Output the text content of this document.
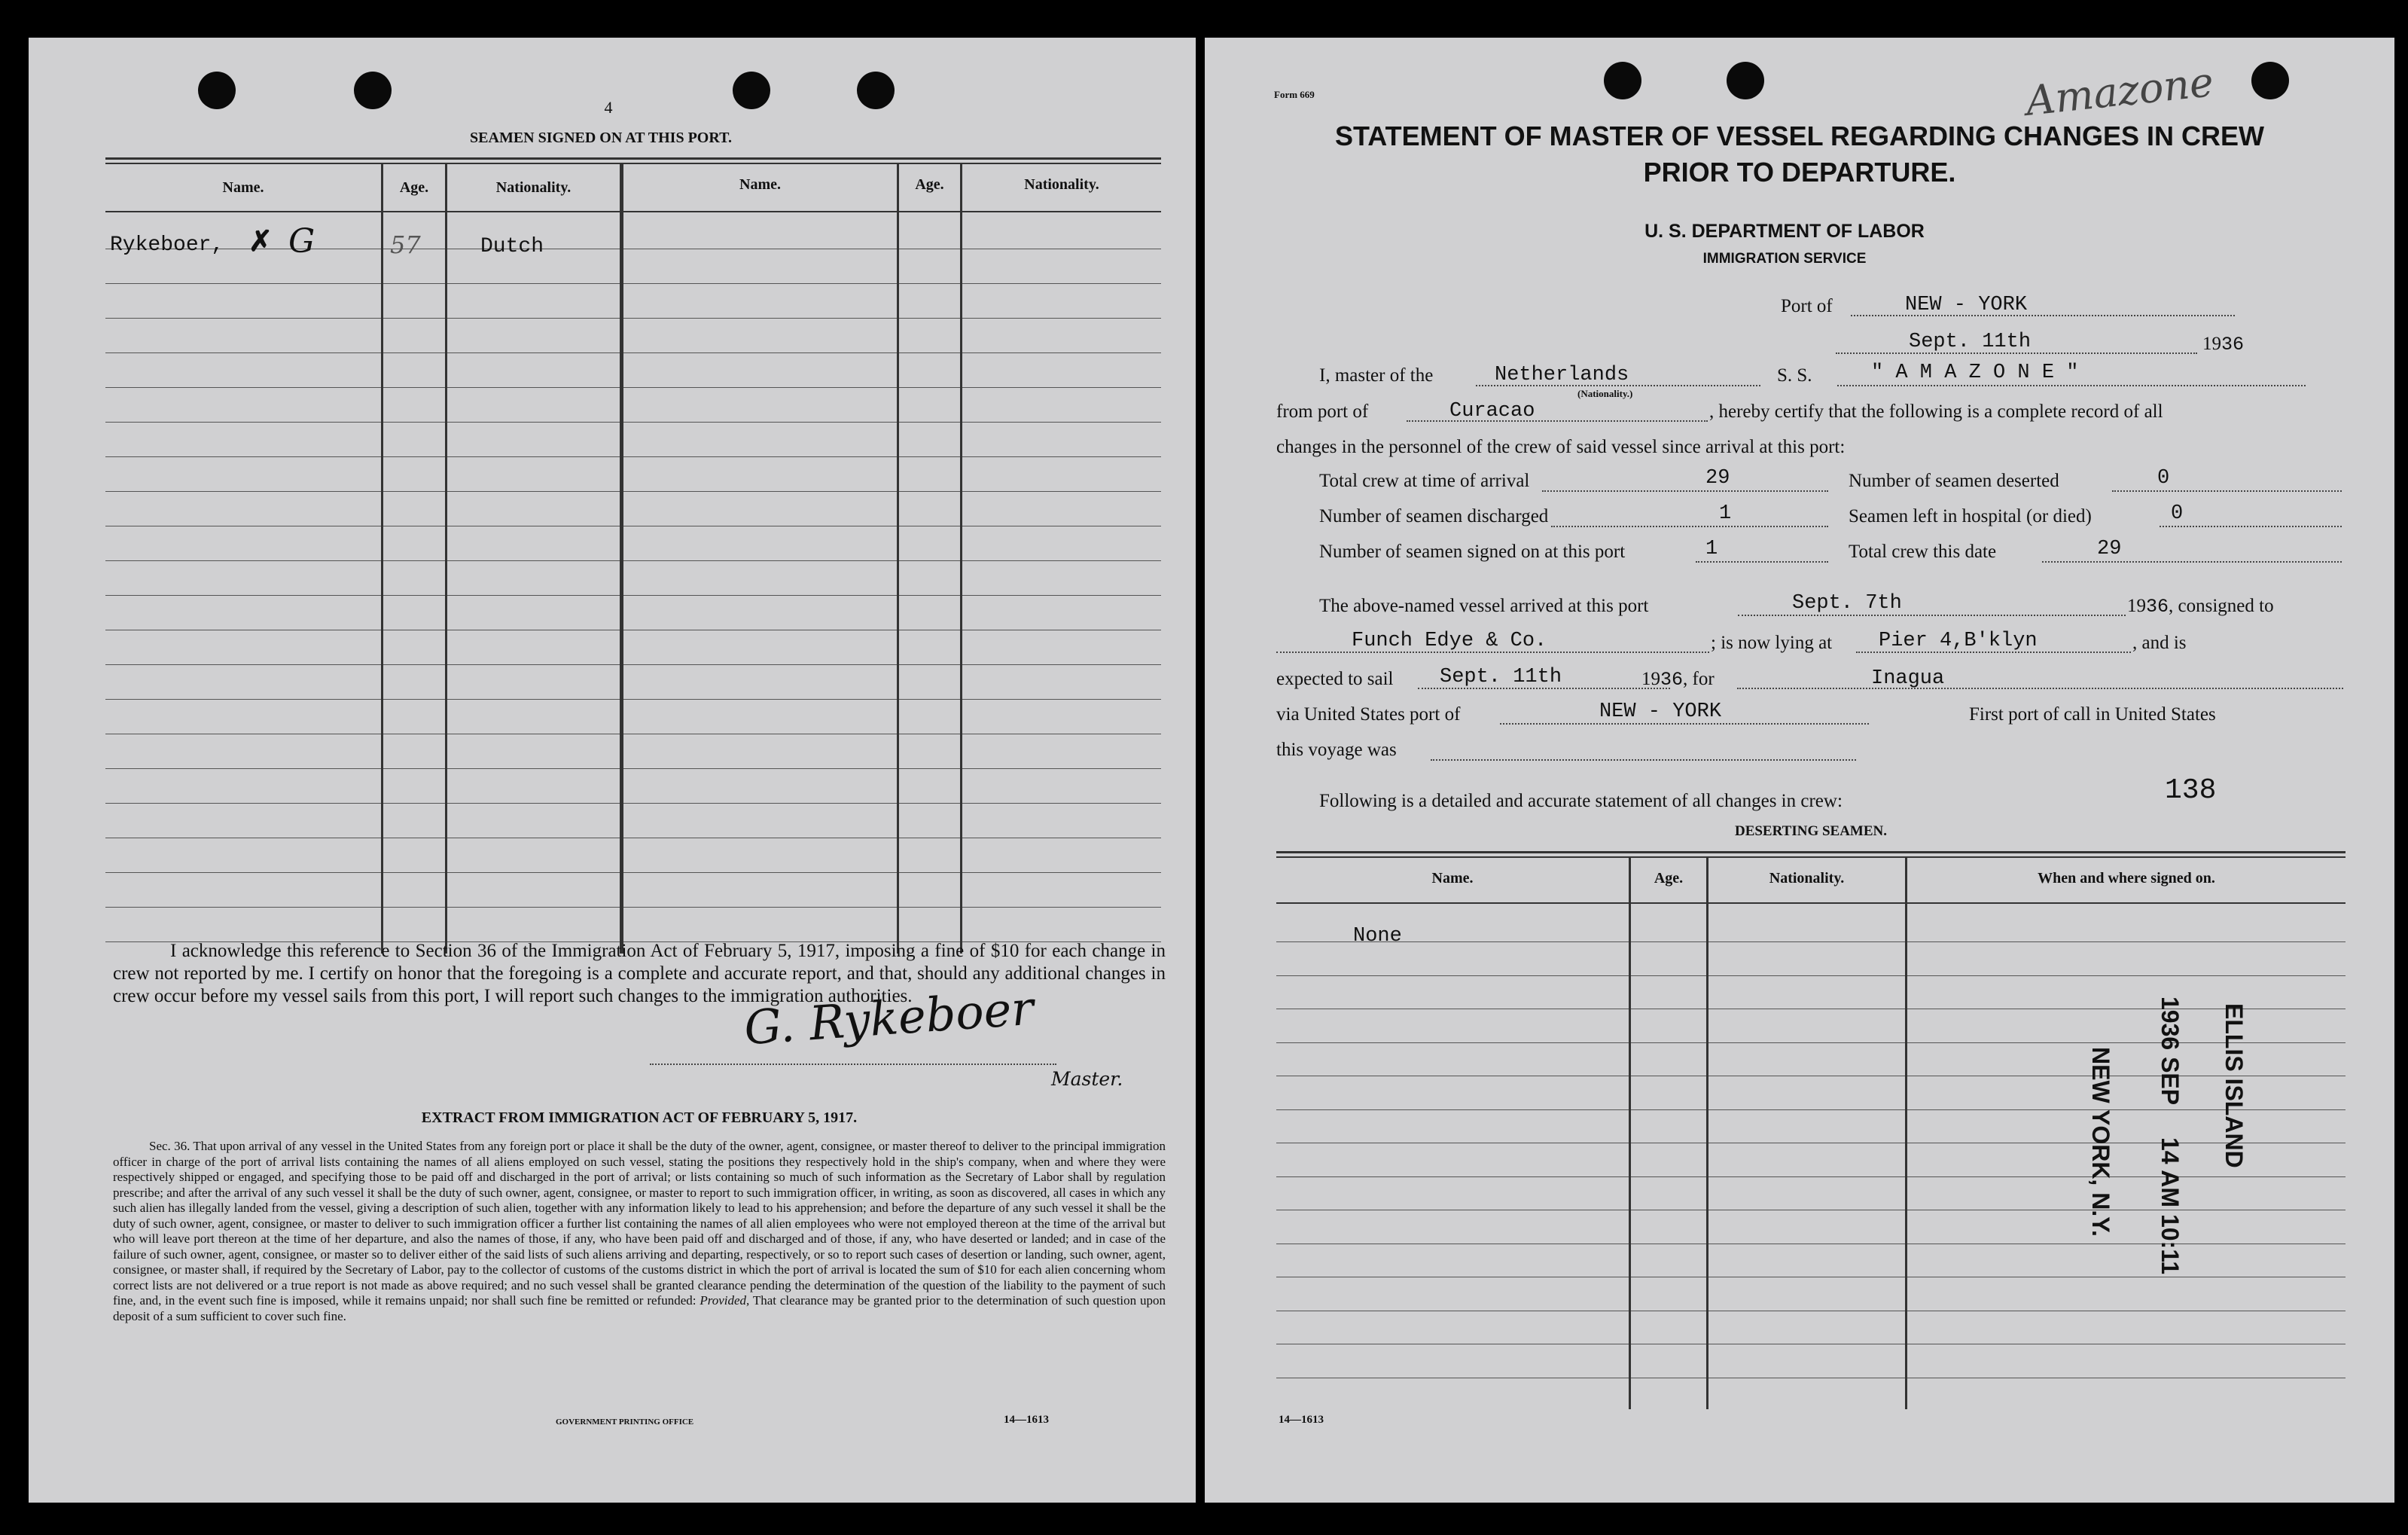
4
SEAMEN SIGNED ON AT THIS PORT.
Name.	Age.	Nationality.	Name.	Age.	Nationality.
Rykeboer, ✗ G	57	Dutch
I acknowledge this reference to Section 36 of the Immigration Act of February 5, 1917, imposing a fine of $10 for each change in crew not reported by me. I certify on honor that the foregoing is a complete and accurate report, and that, should any additional changes in crew occur before my vessel sails from this port, I will report such changes to the immigration authorities.
G. Rykeboer
Master.
EXTRACT FROM IMMIGRATION ACT OF FEBRUARY 5, 1917.
Sec. 36. That upon arrival of any vessel in the United States from any foreign port or place it shall be the duty of the owner, agent, consignee, or master thereof to deliver to the principal immigration officer in charge of the port of arrival lists containing the names of all aliens employed on such vessel, stating the positions they respectively hold in the ship's company, when and where they were respectively shipped or engaged, and specifying those to be paid off and discharged in the port of arrival; or lists containing so much of such information as the Secretary of Labor shall by regulation prescribe; and after the arrival of any such vessel it shall be the duty of such owner, agent, consignee, or master to report to such immigration officer, in writing, as soon as discovered, all cases in which any such alien has illegally landed from the vessel, giving a description of such alien, together with any information likely to lead to his apprehension; and before the departure of any such vessel it shall be the duty of such owner, agent, consignee, or master to deliver to such immigration officer a further list containing the names of all alien employees who were not employed thereon at the time of the arrival but who will leave port thereon at the time of her departure, and also the names of those, if any, who have been paid off and discharged and of those, if any, who have deserted or landed; and in case of the failure of such owner, agent, consignee, or master so to deliver either of the said lists of such aliens arriving and departing, respectively, or so to report such cases of desertion or landing, such owner, agent, consignee, or master shall, if required by the Secretary of Labor, pay to the collector of customs of the customs district in which the port of arrival is located the sum of $10 for each alien concerning whom correct lists are not delivered or a true report is not made as above required; and no such vessel shall be granted clearance pending the determination of the question of the liability to the payment of such fine, and, in the event such fine is imposed, while it remains unpaid; nor shall such fine be remitted or refunded: Provided, That clearance may be granted prior to the determination of such question upon deposit of a sum sufficient to cover such fine.
GOVERNMENT PRINTING OFFICE	14—1613
Form 669	Amazone
STATEMENT OF MASTER OF VESSEL REGARDING CHANGES IN CREW
PRIOR TO DEPARTURE.
U. S. DEPARTMENT OF LABOR
IMMIGRATION SERVICE
Port of	NEW - YORK
Sept. 11th	1936
I, master of the	Netherlands
(Nationality.)
S. S.	" A M A Z O N E "
from port of	Curacao	, hereby certify that the following is a complete record of all
changes in the personnel of the crew of said vessel since arrival at this port:
Total crew at time of arrival	29	Number of seamen deserted	0
Number of seamen discharged	1	Seamen left in hospital (or died)	0
Number of seamen signed on at this port	1	Total crew this date	29
The above-named vessel arrived at this port	Sept. 7th	1936, consigned to
Funch Edye & Co.	; is now lying at Pier 4,B'klyn	, and is
expected to sail Sept. 11th	1936, for	Inagua
via United States port of	NEW - YORK	First port of call in United States
this voyage was
Following is a detailed and accurate statement of all changes in crew:	138
DESERTING SEAMEN.
Name.	Age.	Nationality.	When and where signed on.
None
ELLIS ISLAND
1936 SEP
14 AM 10:11
NEW YORK, N.Y.
14—1613
